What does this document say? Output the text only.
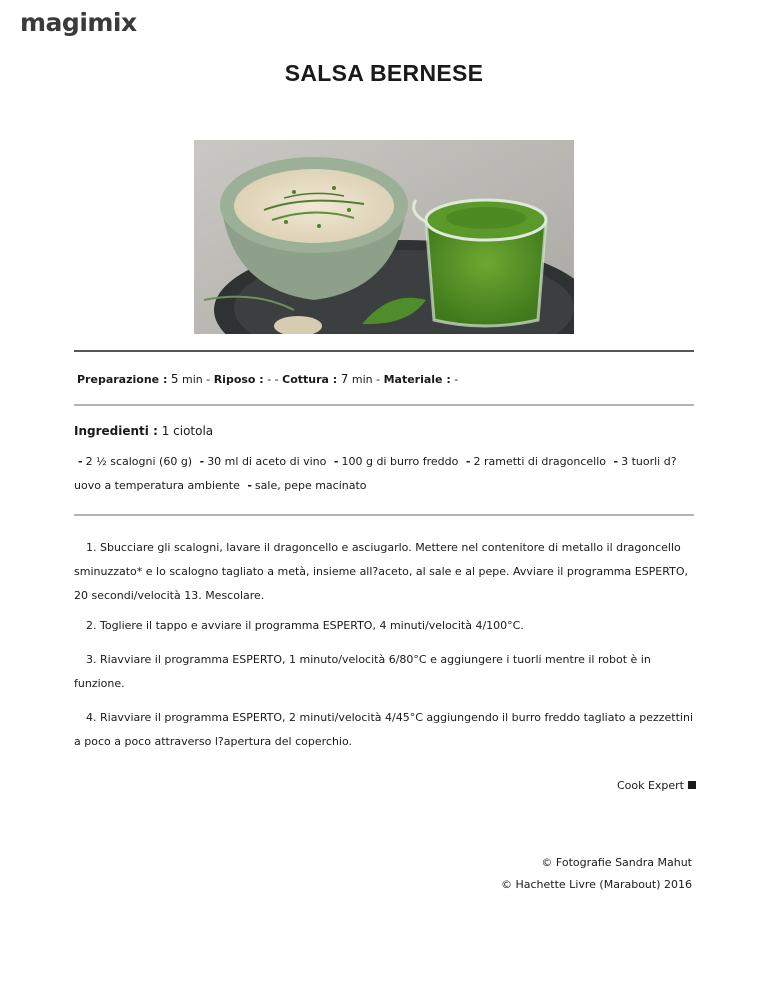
magimix
SALSA BERNESE
Preparazione : 5 min - Riposo : - - Cottura : 7 min - Materiale : -
Ingredienti : 1 ciotola
- 2 ½ scalogni (60 g) - 30 ml di aceto di vino - 100 g di burro freddo - 2 rametti di dragoncello - 3 tuorli d?uovo a temperatura ambiente - sale, pepe macinato
1. Sbucciare gli scalogni, lavare il dragoncello e asciugarlo. Mettere nel contenitore di metallo il dragoncello sminuzzato* e lo scalogno tagliato a metà, insieme all?aceto, al sale e al pepe. Avviare il programma ESPERTO, 20 secondi/velocità 13. Mescolare.
2. Togliere il tappo e avviare il programma ESPERTO, 4 minuti/velocità 4/100°C.
3. Riavviare il programma ESPERTO, 1 minuto/velocità 6/80°C e aggiungere i tuorli mentre il robot è in funzione.
4. Riavviare il programma ESPERTO, 2 minuti/velocità 4/45°C aggiungendo il burro freddo tagliato a pezzettini a poco a poco attraverso l?apertura del coperchio.
Cook Expert
© Fotografie Sandra Mahut
© Hachette Livre (Marabout) 2016
